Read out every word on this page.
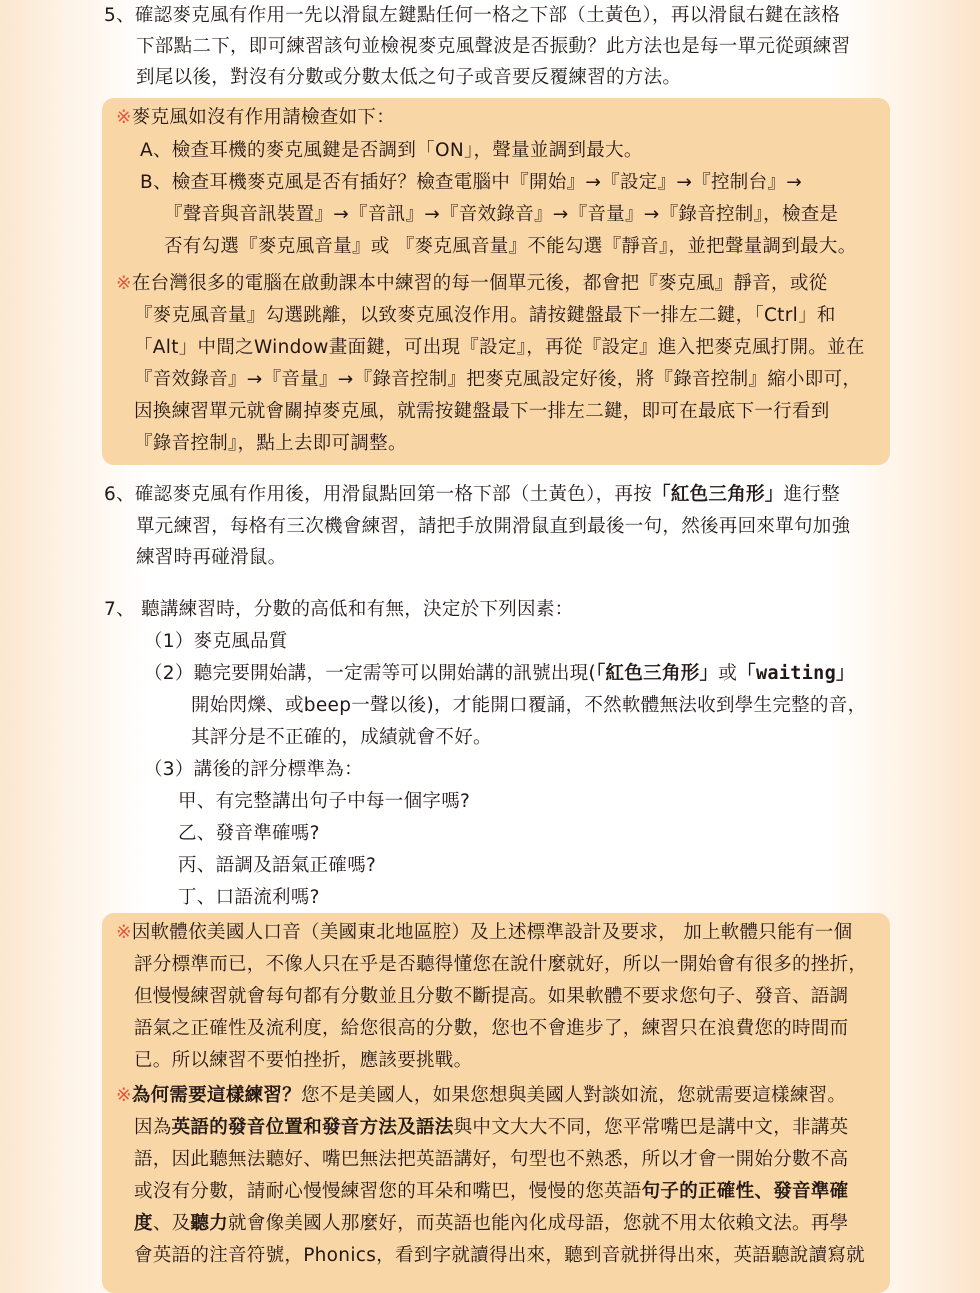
5、確認麥克風有作用一先以滑鼠左鍵點任何一格之下部（土黃色），再以滑鼠右鍵在該格
下部點二下，即可練習該句並檢視麥克風聲波是否振動？此方法也是每一單元從頭練習
到尾以後，對沒有分數或分數太低之句子或音要反覆練習的方法。
※麥克風如沒有作用請檢查如下：
A、檢查耳機的麥克風鍵是否調到「ON」，聲量並調到最大。
B、檢查耳機麥克風是否有插好？檢查電腦中『開始』→『設定』→『控制台』→
『聲音與音訊裝置』→『音訊』→『音效錄音』→『音量』→『錄音控制』，檢查是
否有勾選『麥克風音量』或 『麥克風音量』不能勾選『靜音』，並把聲量調到最大。
※在台灣很多的電腦在啟動課本中練習的每一個單元後，都會把『麥克風』靜音，或從
『麥克風音量』勾選跳離，以致麥克風沒作用。請按鍵盤最下一排左二鍵，「Ctrl」和
「Alt」中間之Window畫面鍵，可出現『設定』，再從『設定』進入把麥克風打開。並在
『音效錄音』→『音量』→『錄音控制』把麥克風設定好後，將『錄音控制』縮小即可，
因換練習單元就會關掉麥克風，就需按鍵盤最下一排左二鍵，即可在最底下一行看到
『錄音控制』，點上去即可調整。
6、確認麥克風有作用後，用滑鼠點回第一格下部（土黃色），再按「紅色三角形」進行整
單元練習，每格有三次機會練習，請把手放開滑鼠直到最後一句，然後再回來單句加強
練習時再碰滑鼠。
7、 聽講練習時，分數的高低和有無，決定於下列因素：
（1）麥克風品質
（2）聽完要開始講，一定需等可以開始講的訊號出現(「紅色三角形」或「waiting」
開始閃爍、或beep一聲以後)，才能開口覆誦，不然軟體無法收到學生完整的音，
其評分是不正確的，成績就會不好。
（3）講後的評分標準為：
甲、有完整講出句子中每一個字嗎?
乙、發音準確嗎?
丙、語調及語氣正確嗎?
丁、口語流利嗎?
※因軟體依美國人口音（美國東北地區腔）及上述標準設計及要求， 加上軟體只能有一個
評分標準而已，不像人只在乎是否聽得懂您在說什麼就好，所以一開始會有很多的挫折，
但慢慢練習就會每句都有分數並且分數不斷提高。如果軟體不要求您句子、發音、語調
語氣之正確性及流利度，給您很高的分數，您也不會進步了，練習只在浪費您的時間而
已。所以練習不要怕挫折，應該要挑戰。
※為何需要這樣練習？您不是美國人，如果您想與美國人對談如流，您就需要這樣練習。
因為英語的發音位置和發音方法及語法與中文大大不同，您平常嘴巴是講中文，非講英
語，因此聽無法聽好、嘴巴無法把英語講好，句型也不熟悉，所以才會一開始分數不高
或沒有分數，請耐心慢慢練習您的耳朵和嘴巴，慢慢的您英語句子的正確性、發音準確
度、及聽力就會像美國人那麼好，而英語也能內化成母語，您就不用太依賴文法。再學
會英語的注音符號，Phonics，看到字就讀得出來，聽到音就拼得出來，英語聽說讀寫就
